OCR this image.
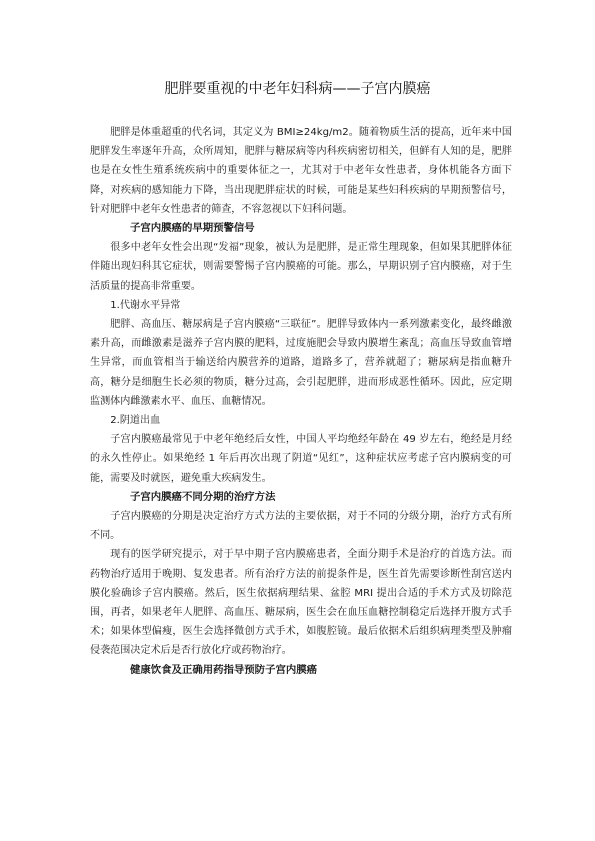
肥胖要重视的中老年妇科病——子宫内膜癌

肥胖是体重超重的代名词，其定义为 BMI≥24kg/m2。随着物质生活的提高，近年来中国肥胖发生率逐年升高，众所周知，肥胖与糖尿病等内科疾病密切相关，但鲜有人知的是，肥胖也是在女性生殖系统疾病中的重要体征之一，尤其对于中老年女性患者，身体机能各方面下降，对疾病的感知能力下降，当出现肥胖症状的时候，可能是某些妇科疾病的早期预警信号，针对肥胖中老年女性患者的筛查，不容忽视以下妇科问题。

子宫内膜癌的早期预警信号

很多中老年女性会出现“发福”现象，被认为是肥胖，是正常生理现象，但如果其肥胖体征伴随出现妇科其它症状，则需要警惕子宫内膜癌的可能。那么，早期识别子宫内膜癌，对于生活质量的提高非常重要。

1.代谢水平异常

肥胖、高血压、糖尿病是子宫内膜癌“三联征”。肥胖导致体内一系列激素变化，最终雌激素升高，而雌激素是滋养子宫内膜的肥料，过度施肥会导致内膜增生紊乱；高血压导致血管增生异常，而血管相当于输送给内膜营养的道路，道路多了，营养就超了；糖尿病是指血糖升高，糖分是细胞生长必须的物质，糖分过高，会引起肥胖，进而形成恶性循环。因此，应定期监测体内雌激素水平、血压、血糖情况。

2.阴道出血

子宫内膜癌最常见于中老年绝经后女性，中国人平均绝经年龄在 49 岁左右，绝经是月经的永久性停止。如果绝经 1 年后再次出现了阴道“见红”，这种症状应考虑子宫内膜病变的可能，需要及时就医，避免重大疾病发生。

子宫内膜癌不同分期的治疗方法

子宫内膜癌的分期是决定治疗方式方法的主要依据，对于不同的分级分期，治疗方式有所不同。

现有的医学研究提示，对于早中期子宫内膜癌患者，全面分期手术是治疗的首选方法。而药物治疗适用于晚期、复发患者。所有治疗方法的前提条件是，医生首先需要诊断性刮宫送内膜化验确诊子宫内膜癌。然后，医生依据病理结果、盆腔 MRI 提出合适的手术方式及切除范围，再者，如果老年人肥胖、高血压、糖尿病，医生会在血压血糖控制稳定后选择开腹方式手术；如果体型偏瘦，医生会选择微创方式手术，如腹腔镜。最后依据术后组织病理类型及肿瘤侵袭范围决定术后是否行放化疗或药物治疗。

健康饮食及正确用药指导预防子宫内膜癌
